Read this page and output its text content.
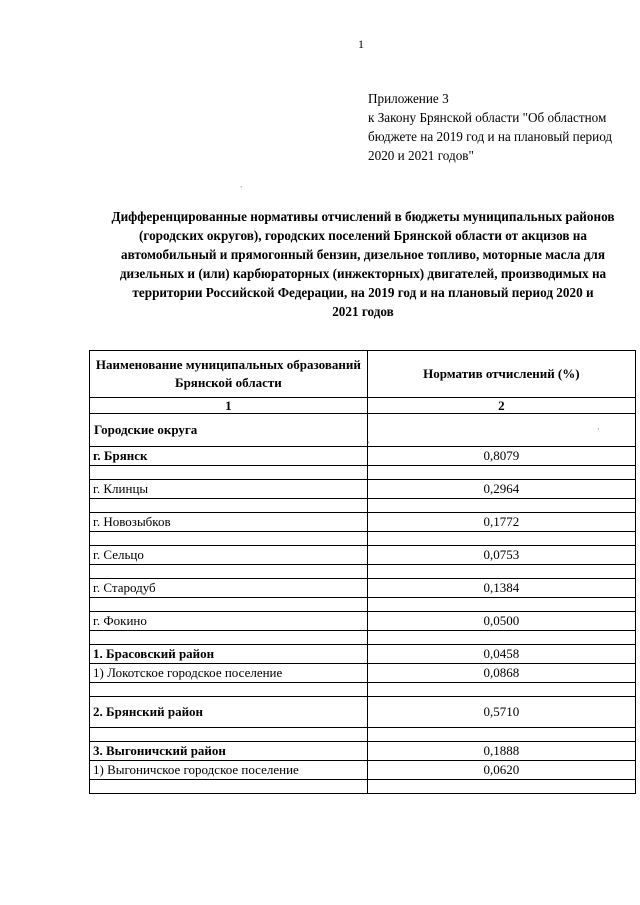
1
Приложение 3
к Закону Брянской области "Об областном
бюджете на 2019 год и на плановый период
2020 и 2021 годов"
`
'
·
Дифференцированные нормативы отчислений в бюджеты муниципальных районов
(городских округов), городских поселений Брянской области от акцизов на
автомобильный и прямогонный бензин, дизельное топливо, моторные масла для
дизельных и (или) карбюраторных (инжекторных) двигателей, производимых на
территории Российской Федерации, на 2019 год и на плановый период 2020 и
2021 годов
Наименование муниципальных образований Брянской области	Норматив отчислений (%)
1	2
Городские округа	
г. Брянск	0,8079

г. Клинцы	0,2964

г. Новозыбков	0,1772

г. Сельцо	0,0753

г. Стародуб	0,1384

г. Фокино	0,0500

1. Брасовский район	0,0458
1) Локотское городское поселение	0,0868

2. Брянский район	0,5710

3. Выгоничский район	0,1888
1) Выгоничское городское поселение	0,0620
